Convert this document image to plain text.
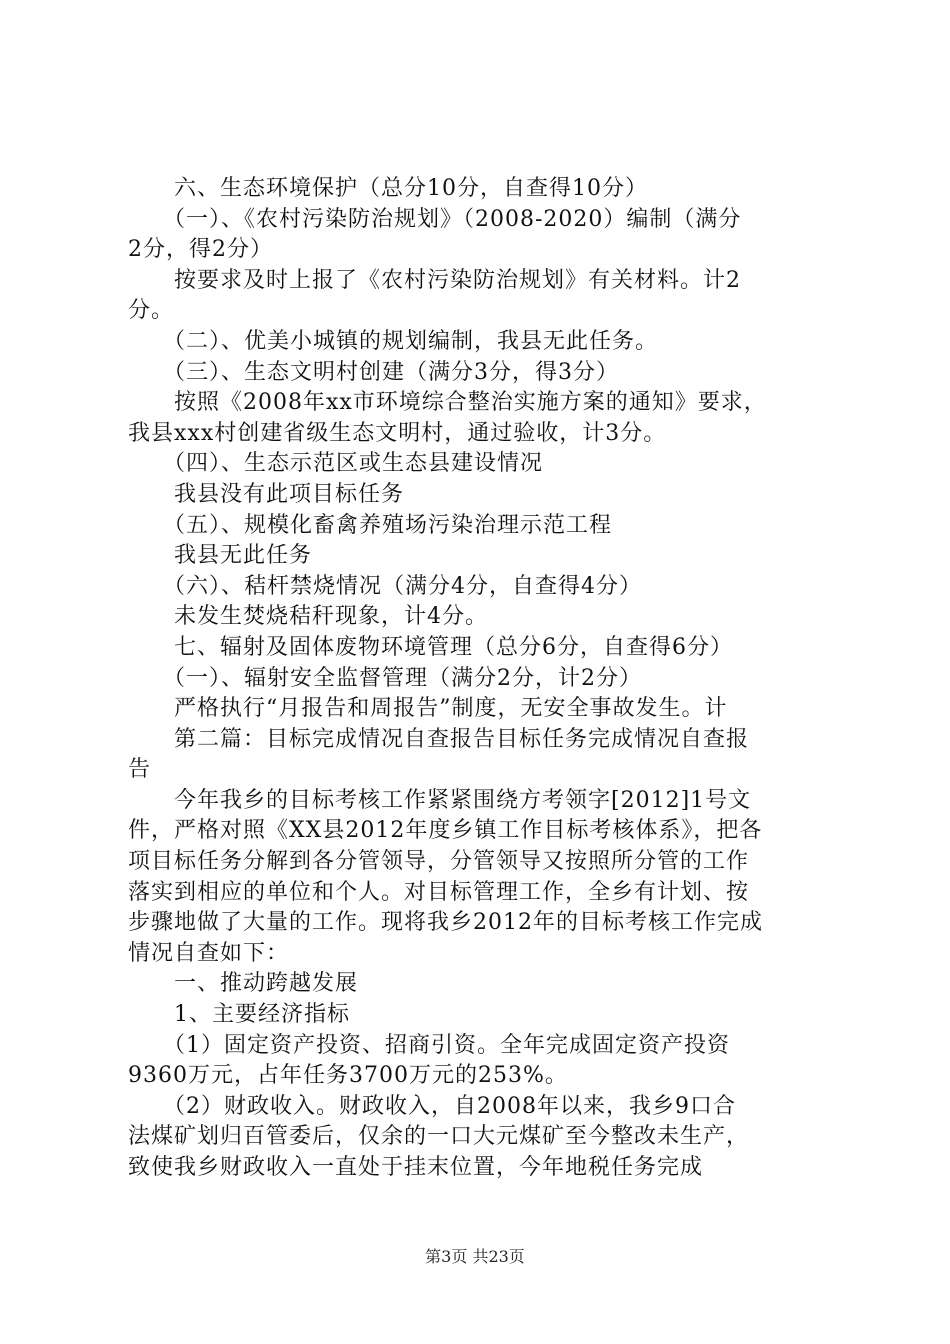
　　六、生态环境保护（总分10分，自查得10分）
　　（一）、《农村污染防治规划》（2008-2020）编制（满分
2分，得2分）
　　按要求及时上报了《农村污染防治规划》有关材料。计2
分。
　　（二）、优美小城镇的规划编制，我县无此任务。
　　（三）、生态文明村创建（满分3分，得3分）
　　按照《2008年xx市环境综合整治实施方案的通知》要求，
我县xxx村创建省级生态文明村，通过验收，计3分。
　　（四）、生态示范区或生态县建设情况
　　我县没有此项目标任务
　　（五）、规模化畜禽养殖场污染治理示范工程
　　我县无此任务
　　（六）、秸杆禁烧情况（满分4分，自查得4分）
　　未发生焚烧秸秆现象，计4分。
　　七、辐射及固体废物环境管理（总分6分，自查得6分）
　　（一）、辐射安全监督管理（满分2分，计2分）
　　严格执行“月报告和周报告”制度，无安全事故发生。计
　　第二篇：目标完成情况自查报告目标任务完成情况自查报
告
　　今年我乡的目标考核工作紧紧围绕方考领字[2012]1号文
件，严格对照《XX县2012年度乡镇工作目标考核体系》，把各
项目标任务分解到各分管领导，分管领导又按照所分管的工作
落实到相应的单位和个人。对目标管理工作，全乡有计划、按
步骤地做了大量的工作。现将我乡2012年的目标考核工作完成
情况自查如下：
　　一、推动跨越发展
　　1、主要经济指标
　　（1）固定资产投资、招商引资。全年完成固定资产投资
9360万元，占年任务3700万元的253%。
　　（2）财政收入。财政收入，自2008年以来，我乡9口合
法煤矿划归百管委后，仅余的一口大元煤矿至今整改未生产，
致使我乡财政收入一直处于挂末位置，今年地税任务完成
第3页 共23页
